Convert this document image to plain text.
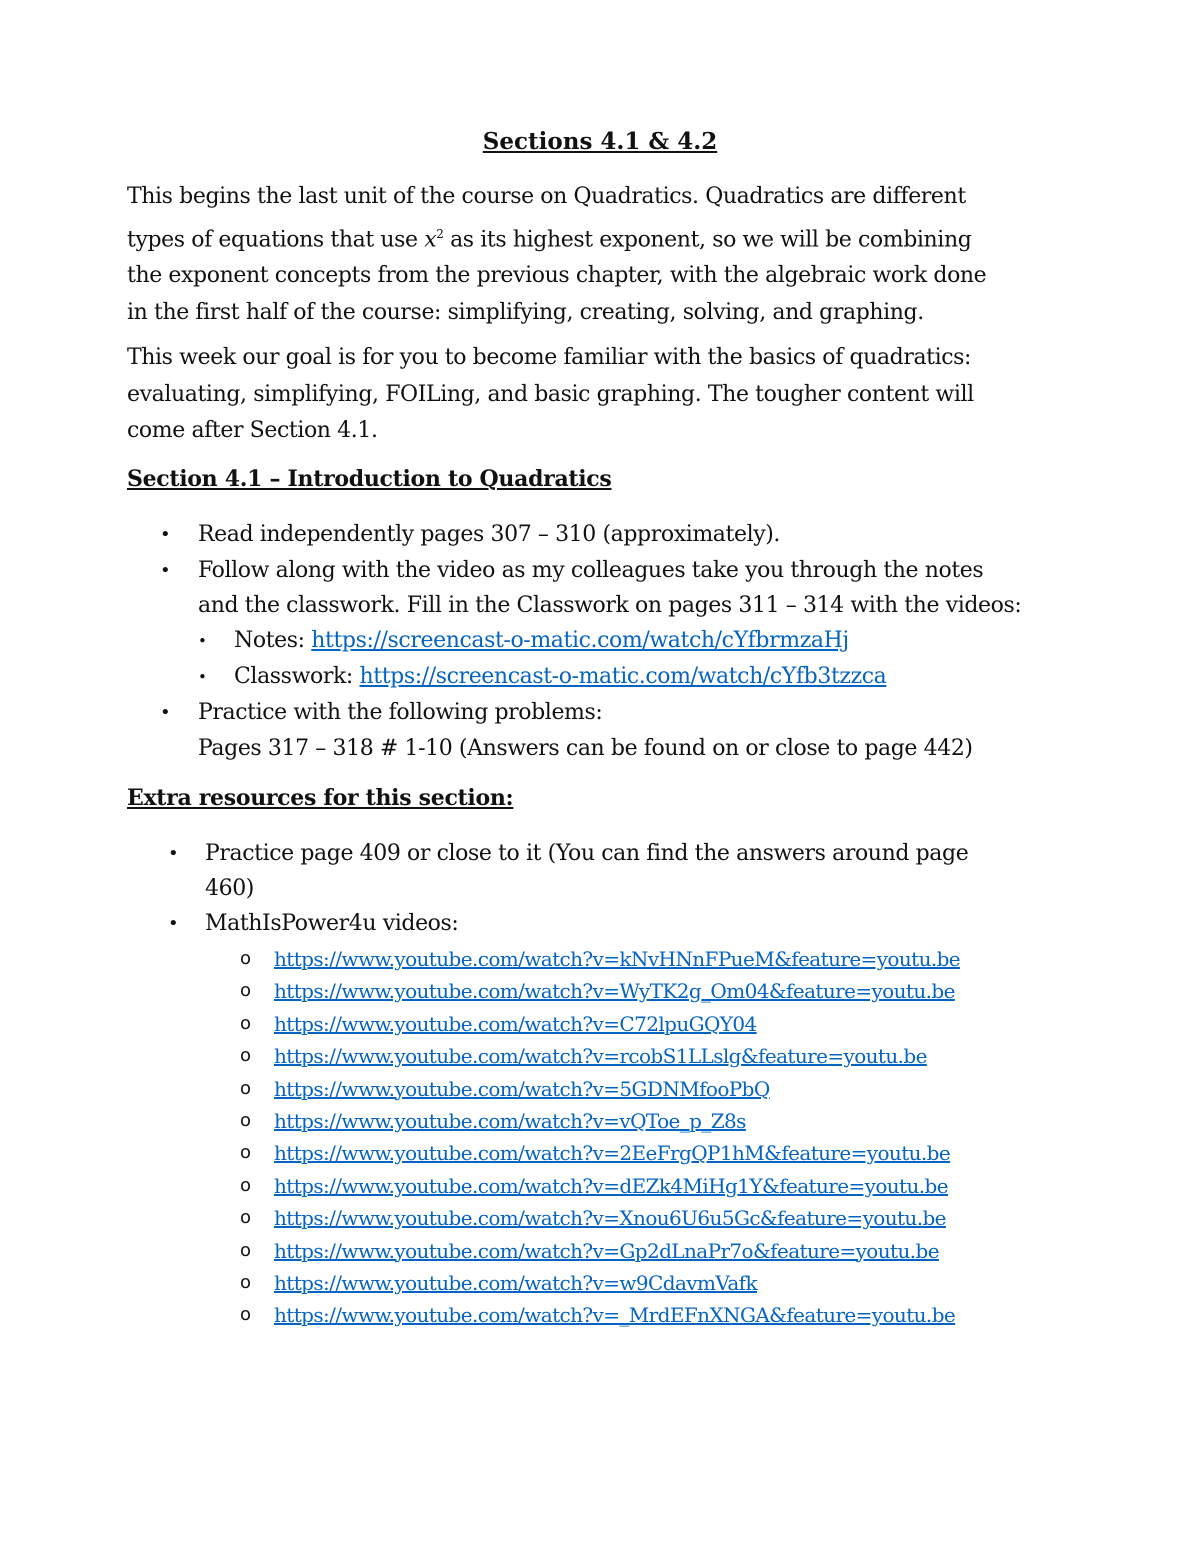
Sections 4.1 & 4.2

This begins the last unit of the course on Quadratics. Quadratics are different
types of equations that use $x^2$ as its highest exponent, so we will be combining
the exponent concepts from the previous chapter, with the algebraic work done
in the first half of the course: simplifying, creating, solving, and graphing.

This week our goal is for you to become familiar with the basics of quadratics:
evaluating, simplifying, FOILing, and basic graphing. The tougher content will
come after Section 4.1.

Section 4.1 – Introduction to Quadratics
• Read independently pages 307 – 310 (approximately).
• Follow along with the video as my colleagues take you through the notes
and the classwork. Fill in the Classwork on pages 311 – 314 with the videos:
• Notes: https://screencast-o-matic.com/watch/cYfbrmzaHj
• Classwork: https://screencast-o-matic.com/watch/cYfb3tzzca
• Practice with the following problems:
Pages 317 – 318 # 1-10 (Answers can be found on or close to page 442)
Extra resources for this section:
• Practice page 409 or close to it (You can find the answers around page
460)
• MathIsPower4u videos:
o https://www.youtube.com/watch?v=kNvHNnFPueM&feature=youtu.be
o https://www.youtube.com/watch?v=WyTK2g_Om04&feature=youtu.be
o https://www.youtube.com/watch?v=C72lpuGQY04
o https://www.youtube.com/watch?v=rcobS1LLslg&feature=youtu.be
o https://www.youtube.com/watch?v=5GDNMfooPbQ
o https://www.youtube.com/watch?v=vQToe_p_Z8s
o https://www.youtube.com/watch?v=2EeFrgQP1hM&feature=youtu.be
o https://www.youtube.com/watch?v=dEZk4MiHg1Y&feature=youtu.be
o https://www.youtube.com/watch?v=Xnou6U6u5Gc&feature=youtu.be
o https://www.youtube.com/watch?v=Gp2dLnaPr7o&feature=youtu.be
o https://www.youtube.com/watch?v=w9CdavmVafk
o https://www.youtube.com/watch?v=_MrdEFnXNGA&feature=youtu.be
